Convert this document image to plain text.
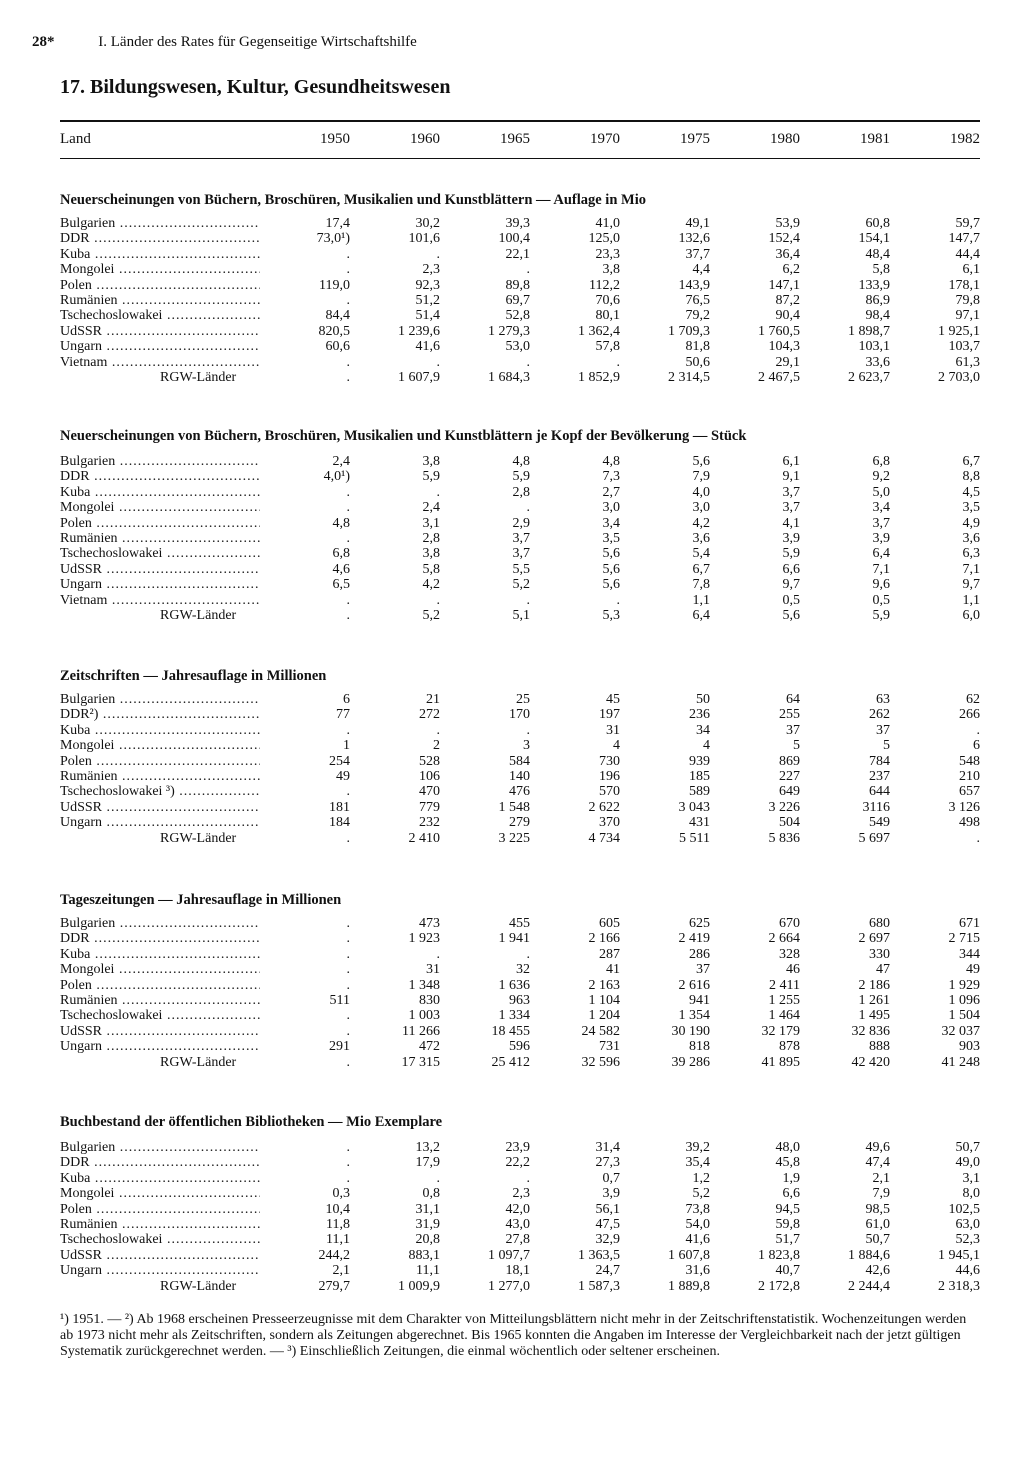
28*	I. Länder des Rates für Gegenseitige Wirtschaftshilfe
17. Bildungswesen, Kultur, Gesundheitswesen
Land	1950	1960	1965	1970	1975	1980	1981	1982
Neuerscheinungen von Büchern, Broschüren, Musikalien und Kunstblättern — Auflage in Mio
Bulgarien .....	17,4	30,2	39,3	41,0	49,1	53,9	60,8	59,7
DDR .....	73,0¹)	101,6	100,4	125,0	132,6	152,4	154,1	147,7
Kuba .....	.	.	22,1	23,3	37,7	36,4	48,4	44,4
Mongolei .....	.	2,3	.	3,8	4,4	6,2	5,8	6,1
Polen .....	119,0	92,3	89,8	112,2	143,9	147,1	133,9	178,1
Rumänien .....	.	51,2	69,7	70,6	76,5	87,2	86,9	79,8
Tschechoslowakei .....	84,4	51,4	52,8	80,1	79,2	90,4	98,4	97,1
UdSSR .....	820,5	1 239,6	1 279,3	1 362,4	1 709,3	1 760,5	1 898,7	1 925,1
Ungarn .....	60,6	41,6	53,0	57,8	81,8	104,3	103,1	103,7
Vietnam .....	.	.	.	.	50,6	29,1	33,6	61,3
RGW-Länder	.	1 607,9	1 684,3	1 852,9	2 314,5	2 467,5	2 623,7	2 703,0
Neuerscheinungen von Büchern, Broschüren, Musikalien und Kunstblättern je Kopf der Bevölkerung — Stück
Bulgarien .....	2,4	3,8	4,8	4,8	5,6	6,1	6,8	6,7
DDR .....	4,0¹)	5,9	5,9	7,3	7,9	9,1	9,2	8,8
Kuba .....	.	.	2,8	2,7	4,0	3,7	5,0	4,5
Mongolei .....	.	2,4	.	3,0	3,0	3,7	3,4	3,5
Polen .....	4,8	3,1	2,9	3,4	4,2	4,1	3,7	4,9
Rumänien .....	.	2,8	3,7	3,5	3,6	3,9	3,9	3,6
Tschechoslowakei .....	6,8	3,8	3,7	5,6	5,4	5,9	6,4	6,3
UdSSR .....	4,6	5,8	5,5	5,6	6,7	6,6	7,1	7,1
Ungarn .....	6,5	4,2	5,2	5,6	7,8	9,7	9,6	9,7
Vietnam .....	.	.	.	.	1,1	0,5	0,5	1,1
RGW-Länder	.	5,2	5,1	5,3	6,4	5,6	5,9	6,0
Zeitschriften — Jahresauflage in Millionen
Bulgarien .....	6	21	25	45	50	64	63	62
DDR²) .....	77	272	170	197	236	255	262	266
Kuba .....	.	.	.	31	34	37	37	.
Mongolei .....	1	2	3	4	4	5	5	6
Polen .....	254	528	584	730	939	869	784	548
Rumänien .....	49	106	140	196	185	227	237	210
Tschechoslowakei ³) .....	.	470	476	570	589	649	644	657
UdSSR .....	181	779	1 548	2 622	3 043	3 226	3116	3 126
Ungarn .....	184	232	279	370	431	504	549	498
RGW-Länder	.	2 410	3 225	4 734	5 511	5 836	5 697	.
Tageszeitungen — Jahresauflage in Millionen
Bulgarien .....	.	473	455	605	625	670	680	671
DDR .....	.	1 923	1 941	2 166	2 419	2 664	2 697	2 715
Kuba .....	.	.	.	287	286	328	330	344
Mongolei .....	.	31	32	41	37	46	47	49
Polen .....	.	1 348	1 636	2 163	2 616	2 411	2 186	1 929
Rumänien .....	511	830	963	1 104	941	1 255	1 261	1 096
Tschechoslowakei .....	.	1 003	1 334	1 204	1 354	1 464	1 495	1 504
UdSSR .....	.	11 266	18 455	24 582	30 190	32 179	32 836	32 037
Ungarn .....	291	472	596	731	818	878	888	903
RGW-Länder	.	17 315	25 412	32 596	39 286	41 895	42 420	41 248
Buchbestand der öffentlichen Bibliotheken — Mio Exemplare
Bulgarien .....	.	13,2	23,9	31,4	39,2	48,0	49,6	50,7
DDR .....	.	17,9	22,2	27,3	35,4	45,8	47,4	49,0
Kuba .....	.	.	.	0,7	1,2	1,9	2,1	3,1
Mongolei .....	0,3	0,8	2,3	3,9	5,2	6,6	7,9	8,0
Polen .....	10,4	31,1	42,0	56,1	73,8	94,5	98,5	102,5
Rumänien .....	11,8	31,9	43,0	47,5	54,0	59,8	61,0	63,0
Tschechoslowakei .....	11,1	20,8	27,8	32,9	41,6	51,7	50,7	52,3
UdSSR .....	244,2	883,1	1 097,7	1 363,5	1 607,8	1 823,8	1 884,6	1 945,1
Ungarn .....	2,1	11,1	18,1	24,7	31,6	40,7	42,6	44,6
RGW-Länder	279,7	1 009,9	1 277,0	1 587,3	1 889,8	2 172,8	2 244,4	2 318,3

¹) 1951. — ²) Ab 1968 erscheinen Presseerzeugnisse mit dem Charakter von Mitteilungsblättern nicht mehr in der Zeitschriftenstatistik. Wochenzeitungen werden ab 1973 nicht mehr als Zeitschriften, sondern als Zeitungen abgerechnet. Bis 1965 konnten die Angaben im Interesse der Vergleichbarkeit nach der jetzt gültigen Systematik zurückgerechnet werden. — ³) Einschließlich Zeitungen, die einmal wöchentlich oder seltener erscheinen.
